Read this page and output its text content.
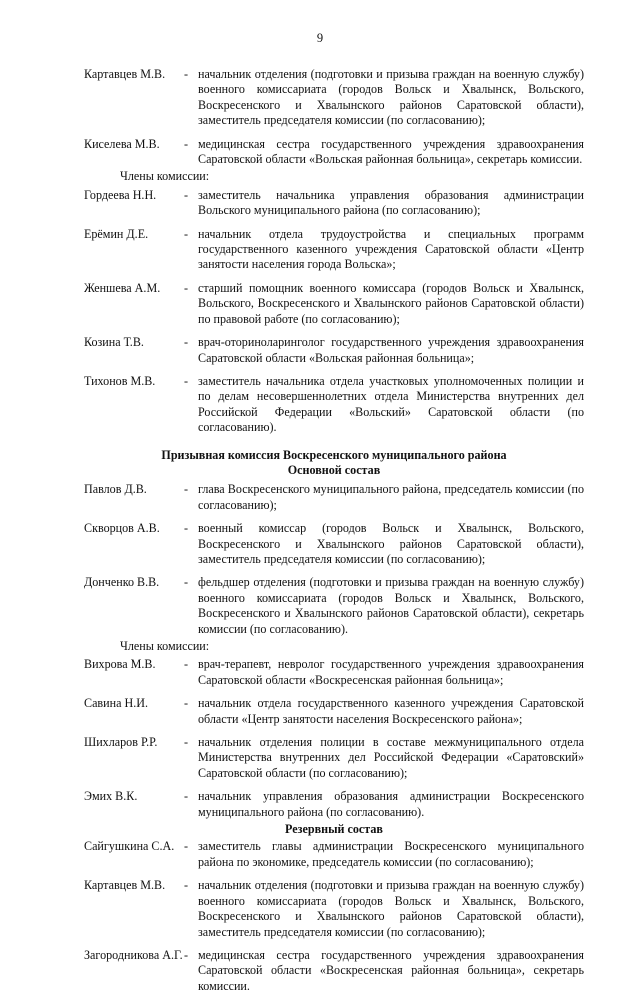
9
Картавцев М.В.	- начальник отделения (подготовки и призыва граждан на военную службу) военного комиссариата (городов Вольск и Хвалынск, Вольского, Воскресенского и Хвалынского районов Саратовской области), заместитель председателя комиссии (по согласованию);
Киселева М.В.	- медицинская сестра государственного учреждения здравоохранения Саратовской области «Вольская районная больница», секретарь комиссии.
Члены комиссии:
Гордеева Н.Н.	- заместитель начальника управления образования администрации Вольского муниципального района (по согласованию);
Ерёмин Д.Е.	- начальник отдела трудоустройства и специальных программ государственного казенного учреждения Саратовской области «Центр занятости населения города Вольска»;
Женшева А.М.	- старший помощник военного комиссара (городов Вольск и Хвалынск, Вольского, Воскресенского и Хвалынского районов Саратовской области) по правовой работе (по согласованию);
Козина Т.В.	- врач-оториноларинголог государственного учреждения здравоохранения Саратовской области «Вольская районная больница»;
Тихонов М.В.	- заместитель начальника отдела участковых уполномоченных полиции и по делам несовершеннолетних отдела Министерства внутренних дел Российской Федерации «Вольский» Саратовской области (по согласованию).
Призывная комиссия Воскресенского муниципального района
Основной состав
Павлов Д.В.	- глава Воскресенского муниципального района, председатель комиссии (по согласованию);
Скворцов А.В.	- военный комиссар (городов Вольск и Хвалынск, Вольского, Воскресенского и Хвалынского районов Саратовской области), заместитель председателя комиссии (по согласованию);
Донченко В.В.	- фельдшер отделения (подготовки и призыва граждан на военную службу) военного комиссариата (городов Вольск и Хвалынск, Вольского, Воскресенского и Хвалынского районов Саратовской области), секретарь комиссии (по согласованию).
Члены комиссии:
Вихрова М.В.	- врач-терапевт, невролог государственного учреждения здравоохранения Саратовской области «Воскресенская районная больница»;
Савина Н.И.	- начальник отдела государственного казенного учреждения Саратовской области «Центр занятости населения Воскресенского района»;
Шихларов Р.Р.	- начальник отделения полиции в составе межмуниципального отдела Министерства внутренних дел Российской Федерации «Саратовский» Саратовской области (по согласованию);
Эмих В.К.	- начальник управления образования администрации Воскресенского муниципального района (по согласованию).
Резервный состав
Сайгушкина С.А. - заместитель главы администрации Воскресенского муниципального района по экономике, председатель комиссии (по согласованию);
Картавцев М.В.	- начальник отделения (подготовки и призыва граждан на военную службу) военного комиссариата (городов Вольск и Хвалынск, Вольского, Воскресенского и Хвалынского районов Саратовской области), заместитель председателя комиссии (по согласованию);
Загородникова А.Г. - медицинская сестра государственного учреждения здравоохранения Саратовской области «Воскресенская районная больница», секретарь комиссии.
